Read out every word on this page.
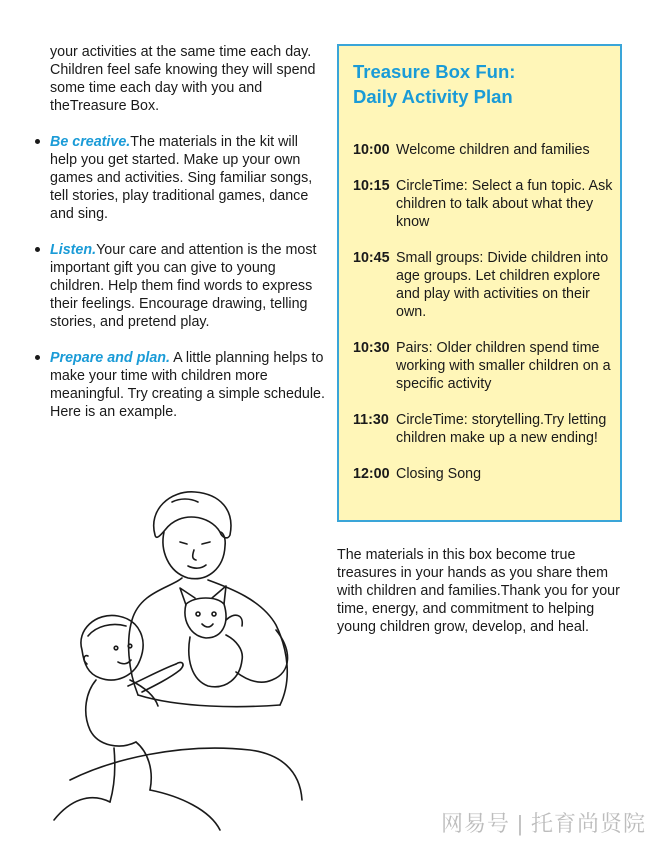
your activities at the same time each day. Children feel safe knowing they will spend some time each day with you and theTreasure Box.

Be creative.The materials in the kit will help you get started. Make up your own games and activities. Sing familiar songs, tell stories, play traditional games, dance and sing.
Listen.Your care and attention is the most important gift you can give to young children. Help them find words to express their feelings. Encourage drawing, telling stories, and pretend play.
Prepare and plan. A little planning helps to make your time with children more meaningful. Try creating a simple schedule. Here is an example.
Treasure Box Fun:
Daily Activity Plan
10:00 Welcome children and families
10:15 CircleTime: Select a fun topic. Ask children to talk about what they know
10:45 Small groups: Divide children into age groups. Let children explore and play with activities on their own.
10:30 Pairs: Older children spend time working with smaller children on a specific activity
11:30 CircleTime: storytelling.Try letting children make up a new ending!
12:00 Closing Song

The materials in this box become true treasures in your hands as you share them with children and families.Thank you for your time, energy, and commitment to helping young children grow, develop, and heal.

网易号 | 托育尚贤院
